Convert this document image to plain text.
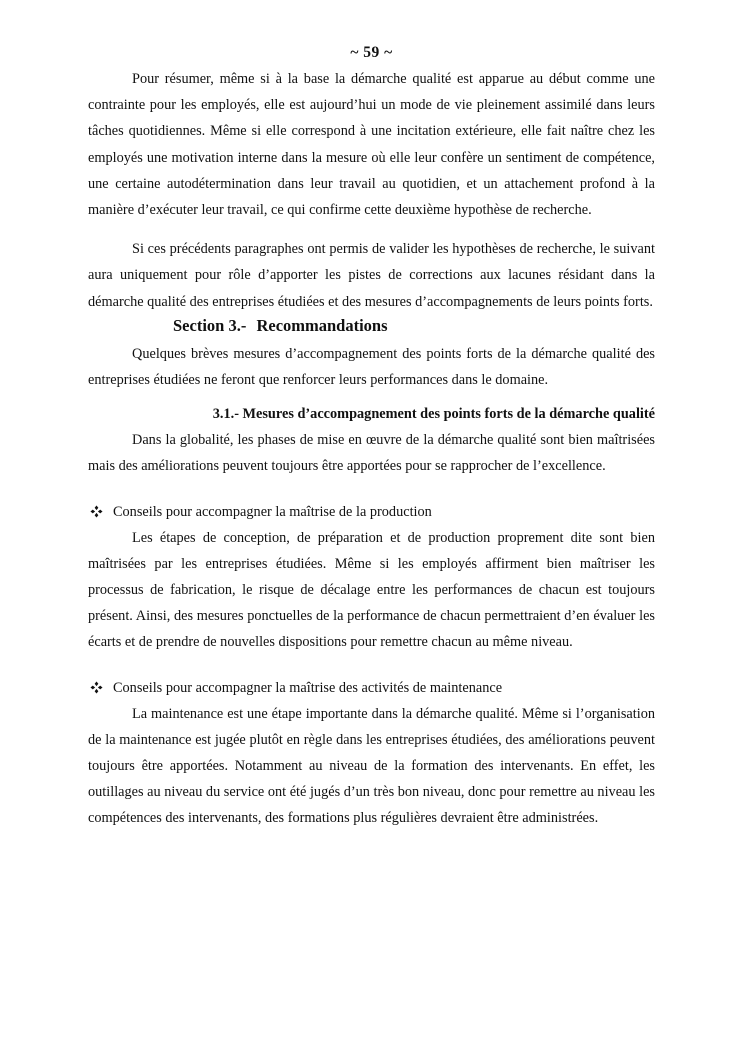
~ 59 ~

Pour résumer, même si à la base la démarche qualité est apparue au début comme une contrainte pour les employés, elle est aujourd’hui un mode de vie pleinement assimilé dans leurs tâches quotidiennes. Même si elle correspond à une incitation extérieure, elle fait naître chez les employés une motivation interne dans la mesure où elle leur confère un sentiment de compétence, une certaine autodétermination dans leur travail au quotidien, et un attachement profond à la manière d’exécuter leur travail, ce qui confirme cette deuxième hypothèse de recherche.

Si ces précédents paragraphes ont permis de valider les hypothèses de recherche, le suivant aura uniquement pour rôle d’apporter les pistes de corrections aux lacunes résidant dans la démarche qualité des entreprises étudiées et des mesures d’accompagnements de leurs points forts.

Section 3.- Recommandations

Quelques brèves mesures d’accompagnement des points forts de la démarche qualité des entreprises étudiées ne feront que renforcer leurs performances dans le domaine.

3.1.- Mesures d’accompagnement des points forts de la démarche qualité

Dans la globalité, les phases de mise en œuvre de la démarche qualité sont bien maîtrisées mais des améliorations peuvent toujours être apportées pour se rapprocher de l’excellence.

Conseils pour accompagner la maîtrise de la production

Les étapes de conception, de préparation et de production proprement dite sont bien maîtrisées par les entreprises étudiées. Même si les employés affirment bien maîtriser les processus de fabrication, le risque de décalage entre les performances de chacun est toujours présent. Ainsi, des mesures ponctuelles de la performance de chacun permettraient d’en évaluer les écarts et de prendre de nouvelles dispositions pour remettre chacun au même niveau.

Conseils pour accompagner la maîtrise des activités de maintenance

La maintenance est une étape importante dans la démarche qualité. Même si l’organisation de la maintenance est jugée plutôt en règle dans les entreprises étudiées, des améliorations peuvent toujours être apportées. Notamment au niveau de la formation des intervenants. En effet, les outillages au niveau du service ont été jugés d’un très bon niveau, donc pour remettre au niveau les compétences des intervenants, des formations plus régulières devraient être administrées.
